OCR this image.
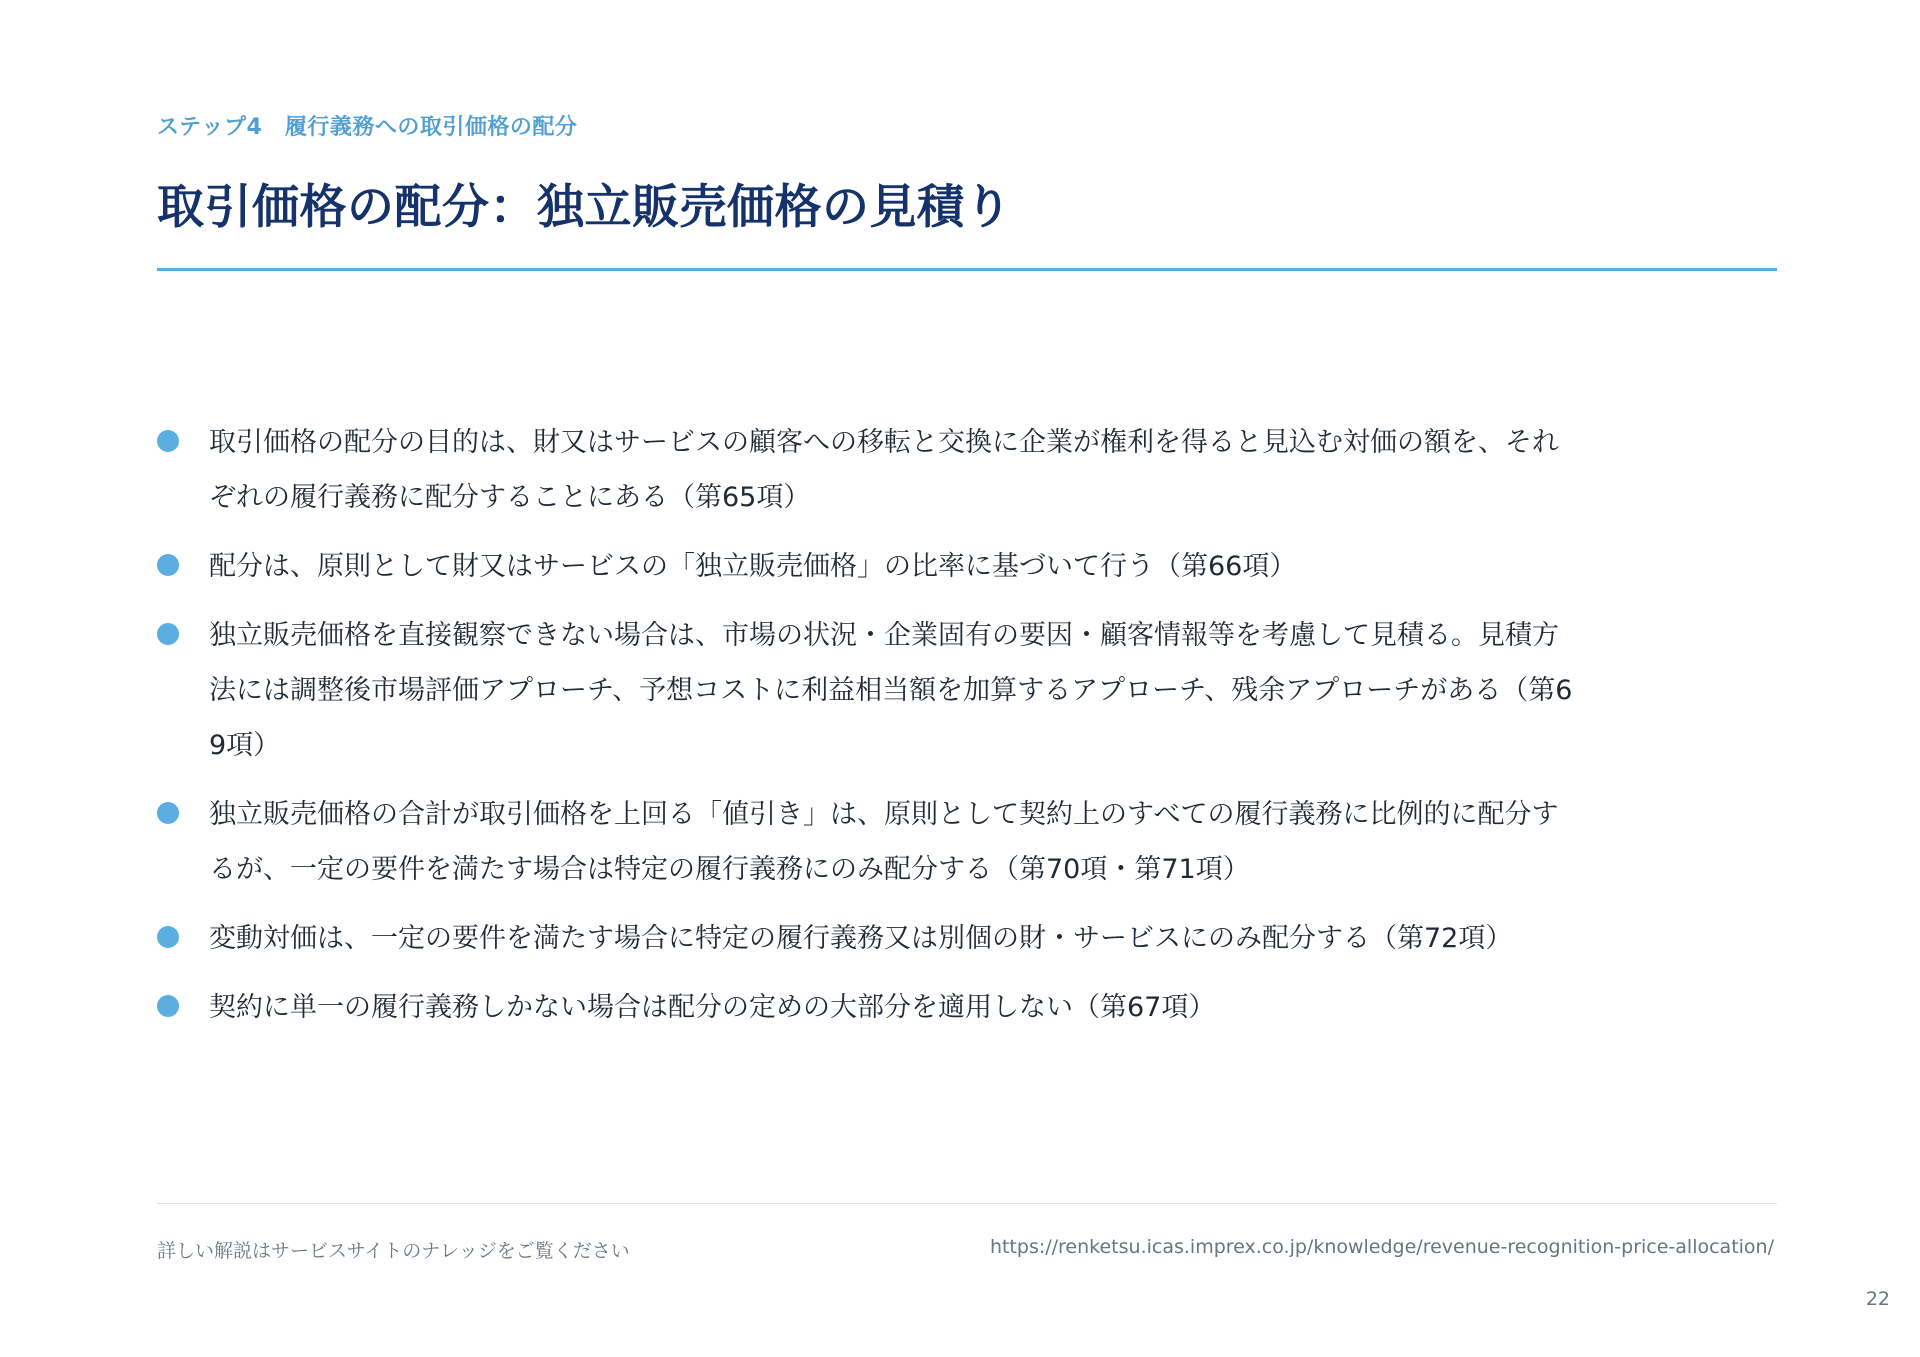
ステップ4　履行義務への取引価格の配分
取引価格の配分：独立販売価格の見積り
取引価格の配分の目的は、財又はサービスの顧客への移転と交換に企業が権利を得ると見込む対価の額を、それぞれの履行義務に配分することにある（第65項）
配分は、原則として財又はサービスの「独立販売価格」の比率に基づいて行う（第66項）
独立販売価格を直接観察できない場合は、市場の状況・企業固有の要因・顧客情報等を考慮して見積る。見積方法には調整後市場評価アプローチ、予想コストに利益相当額を加算するアプローチ、残余アプローチがある（第69項）
独立販売価格の合計が取引価格を上回る「値引き」は、原則として契約上のすべての履行義務に比例的に配分するが、一定の要件を満たす場合は特定の履行義務にのみ配分する（第70項・第71項）
変動対価は、一定の要件を満たす場合に特定の履行義務又は別個の財・サービスにのみ配分する（第72項）
契約に単一の履行義務しかない場合は配分の定めの大部分を適用しない（第67項）
詳しい解説はサービスサイトのナレッジをご覧ください	https://renketsu.icas.imprex.co.jp/knowledge/revenue-recognition-price-allocation/
22
